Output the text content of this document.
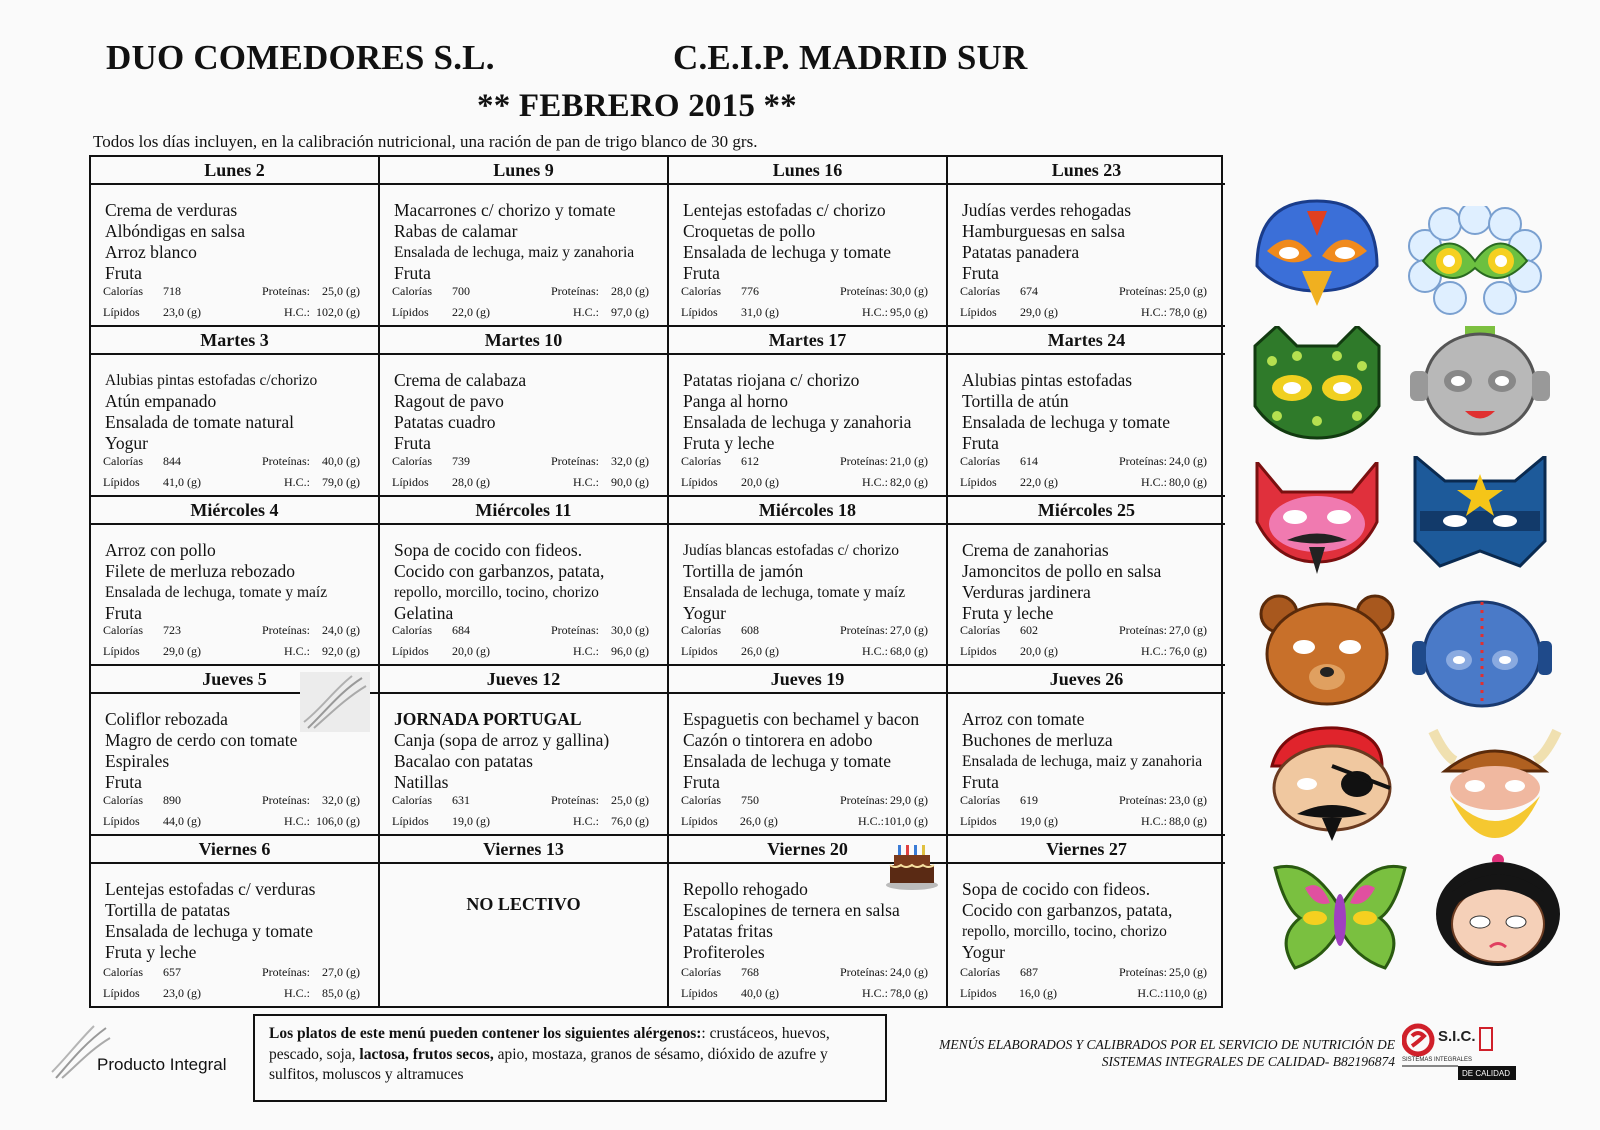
DUO COMEDORES S.L.	C.E.I.P. MADRID SUR
** FEBRERO 2015 **
Todos los días incluyen, en la calibración nutricional, una ración de pan de trigo blanco de 30 grs.
Lunes 2
Crema de verduras
Albóndigas en salsa
Arroz blanco
Fruta
Calorías	718	Proteínas:	25,0 (g)
Lípidos	23,0 (g)	H.C.: 102,0 (g)
Lunes 9
Macarrones c/ chorizo y tomate
Rabas de calamar
Ensalada de lechuga, maiz y zanahoria
Fruta
Calorías	700	Proteínas:	28,0 (g)
Lípidos	22,0 (g)	H.C.:	97,0 (g)
Lunes 16
Lentejas estofadas c/ chorizo
Croquetas de pollo
Ensalada de lechuga y tomate
Fruta
Calorías	776	Proteínas: 30,0 (g)
Lípidos	31,0 (g)	H.C.: 95,0 (g)
Lunes 23
Judías verdes rehogadas
Hamburguesas en salsa
Patatas panadera
Fruta
Calorías	674	Proteínas: 25,0 (g)
Lípidos	29,0 (g)	H.C.: 78,0 (g)
Martes 3
Alubias pintas estofadas c/chorizo
Atún empanado
Ensalada de tomate natural
Yogur
Calorías	844	Proteínas:	40,0 (g)
Lípidos	41,0 (g)	H.C.:	79,0 (g)
Martes 10
Crema de calabaza
Ragout de pavo
Patatas cuadro
Fruta
Calorías	739	Proteínas:	32,0 (g)
Lípidos	28,0 (g)	H.C.:	90,0 (g)
Martes 17
Patatas riojana c/ chorizo
Panga al horno
Ensalada de lechuga y zanahoria
Fruta y leche
Calorías	612	Proteínas: 21,0 (g)
Lípidos	20,0 (g)	H.C.: 82,0 (g)
Martes 24
Alubias pintas estofadas
Tortilla de atún
Ensalada de lechuga y tomate
Fruta
Calorías	614	Proteínas: 24,0 (g)
Lípidos	22,0 (g)	H.C.: 80,0 (g)
Miércoles 4
Arroz con pollo
Filete de merluza rebozado
Ensalada de lechuga, tomate y maíz
Fruta
Calorías	723	Proteínas:	24,0 (g)
Lípidos	29,0 (g)	H.C.:	92,0 (g)
Miércoles 11
Sopa de cocido con fideos.
Cocido con garbanzos, patata,
repollo, morcillo, tocino, chorizo
Gelatina
Calorías	684	Proteínas:	30,0 (g)
Lípidos	20,0 (g)	H.C.:	96,0 (g)
Miércoles 18
Judías blancas estofadas c/ chorizo
Tortilla de jamón
Ensalada de lechuga, tomate y maíz
Yogur
Calorías	608	Proteínas: 27,0 (g)
Lípidos	26,0 (g)	H.C.: 68,0 (g)
Miércoles 25
Crema de zanahorias
Jamoncitos de pollo en salsa
Verduras jardinera
Fruta y leche
Calorías	602	Proteínas: 27,0 (g)
Lípidos	20,0 (g)	H.C.: 76,0 (g)
Jueves 5
Coliflor rebozada
Magro de cerdo con tomate
Espirales
Fruta
Calorías	890	Proteínas:	32,0 (g)
Lípidos	44,0 (g)	H.C.: 106,0 (g)
Jueves 12
JORNADA PORTUGAL
Canja (sopa de arroz y gallina)
Bacalao con patatas
Natillas
Calorías	631	Proteínas:	25,0 (g)
Lípidos	19,0 (g)	H.C.:	76,0 (g)
Jueves 19
Espaguetis con bechamel y bacon
Cazón o tintorera en adobo
Ensalada de lechuga y tomate
Fruta
Calorías	750	Proteínas: 29,0 (g)
Lípidos	26,0 (g)	H.C.: 101,0 (g)
Jueves 26
Arroz con tomate
Buchones de merluza
Ensalada de lechuga, maiz y zanahoria
Fruta
Calorías	619	Proteínas: 23,0 (g)
Lípidos	19,0 (g)	H.C.: 88,0 (g)
Viernes 6
Lentejas estofadas c/ verduras
Tortilla de patatas
Ensalada de lechuga y tomate
Fruta y leche
Calorías	657	Proteínas:	27,0 (g)
Lípidos	23,0 (g)	H.C.:	85,0 (g)
Viernes 13
NO LECTIVO
Viernes 20
Repollo rehogado
Escalopines de ternera en salsa
Patatas fritas
Profiteroles
Calorías	768	Proteínas: 24,0 (g)
Lípidos	40,0 (g)	H.C.: 78,0 (g)
Viernes 27
Sopa de cocido con fideos.
Cocido con garbanzos, patata,
repollo, morcillo, tocino, chorizo
Yogur
Calorías	687	Proteínas: 25,0 (g)
Lípidos	16,0 (g)	H.C.: 110,0 (g)
Producto Integral
Los platos de este menú pueden contener los siguientes alérgenos:: crustáceos, huevos, pescado, soja, lactosa, frutos secos, apio, mostaza, granos de sésamo, dióxido de azufre y sulfitos, moluscos y altramuces
MENÚS ELABORADOS Y CALIBRADOS POR EL SERVICIO DE NUTRICIÓN DE
SISTEMAS INTEGRALES DE CALIDAD- B82196874
S.I.C.
SISTEMAS INTEGRALES
DE CALIDAD
